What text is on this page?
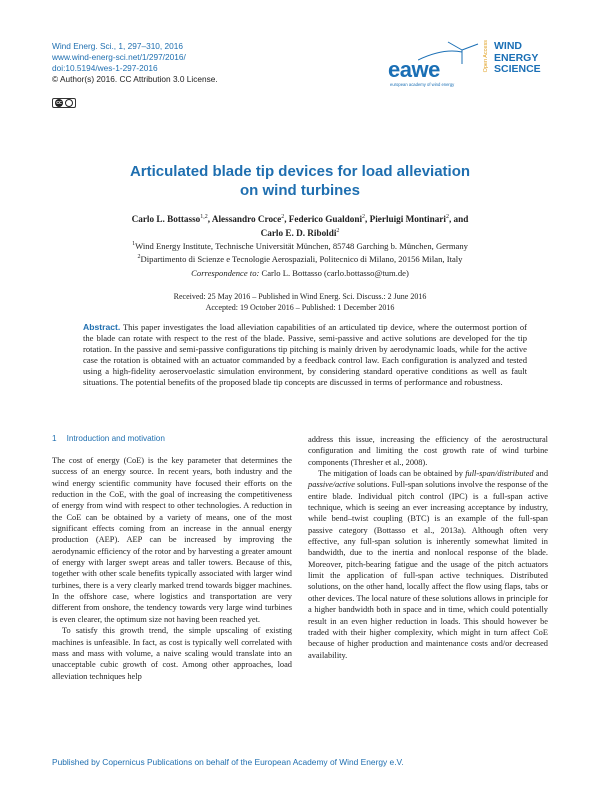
Wind Energ. Sci., 1, 297–310, 2016
www.wind-energ-sci.net/1/297/2016/
doi:10.5194/wes-1-297-2016
© Author(s) 2016. CC Attribution 3.0 License.
cc
eawe
european academy of wind energy
Open Access WIND
ENERGY
SCIENCE
Articulated blade tip devices for load alleviation
on wind turbines
Carlo L. Bottasso$^{1,2}$, Alessandro Croce$^2$, Federico Gualdoni$^2$, Pierluigi Montinari$^2$, and
Carlo E. D. Riboldi$^2$
$^1$Wind Energy Institute, Technische Universität München, 85748 Garching b. München, Germany
$^2$Dipartimento di Scienze e Tecnologie Aerospaziali, Politecnico di Milano, 20156 Milan, Italy
Correspondence to: Carlo L. Bottasso (carlo.bottasso@tum.de)
Received: 25 May 2016 – Published in Wind Energ. Sci. Discuss.: 2 June 2016
Accepted: 19 October 2016 – Published: 1 December 2016
Abstract. This paper investigates the load alleviation capabilities of an articulated tip device, where the outermost portion of the blade can rotate with respect to the rest of the blade. Passive, semi-passive and active solutions are developed for the tip rotation. In the passive and semi-passive configurations tip pitching is mainly driven by aerodynamic loads, while for the active case the rotation is obtained with an actuator commanded by a feedback control law. Each configuration is analyzed and tested using a high-fidelity aeroservoelastic simulation environment, by considering standard operative conditions as well as fault situations. The potential benefits of the proposed blade tip concepts are discussed in terms of performance and robustness.
1 Introduction and motivation

The cost of energy (CoE) is the key parameter that determines the success of an energy source. In recent years, both industry and the wind energy scientific community have focused their efforts on the reduction in the CoE, with the goal of increasing the competitiveness of energy from wind with respect to other technologies. A reduction in the CoE can be obtained by a variety of means, one of the most significant effects coming from an increase in the annual energy production (AEP). AEP can be increased by improving the aerodynamic efficiency of the rotor and by harvesting a greater amount of energy with larger swept areas and taller towers. Because of this, together with other scale benefits typically associated with larger wind turbines, there is a very clearly marked trend towards bigger machines. In the offshore case, where logistics and transportation are very different from onshore, the tendency towards very large wind turbines is even clearer, the optimum size not having been reached yet.

To satisfy this growth trend, the simple upscaling of existing machines is unfeasible. In fact, as cost is typically well correlated with mass and mass with volume, a naive scaling would translate into an unacceptable cubic growth of cost. Among other approaches, load alleviation techniques help

address this issue, increasing the efficiency of the aerostructural configuration and limiting the cost growth rate of wind turbine components (Thresher et al., 2008).

The mitigation of loads can be obtained by full-span/distributed and passive/active solutions. Full-span solutions involve the response of the entire blade. Individual pitch control (IPC) is a full-span active technique, which is seeing an ever increasing acceptance by industry, while bend–twist coupling (BTC) is an example of the full-span passive category (Bottasso et al., 2013a). Although often very effective, any full-span solution is inherently somewhat limited in bandwidth, due to the inertia and nonlocal response of the blade. Moreover, pitch-bearing fatigue and the usage of the pitch actuators limit the application of full-span active techniques. Distributed solutions, on the other hand, locally affect the flow using flaps, tabs or other devices. The local nature of these solutions allows in principle for a higher bandwidth both in space and in time, which could potentially result in an even higher reduction in loads. This should however be traded with their higher complexity, which might in turn affect CoE because of higher production and maintenance costs and/or decreased availability.

Published by Copernicus Publications on behalf of the European Academy of Wind Energy e.V.
